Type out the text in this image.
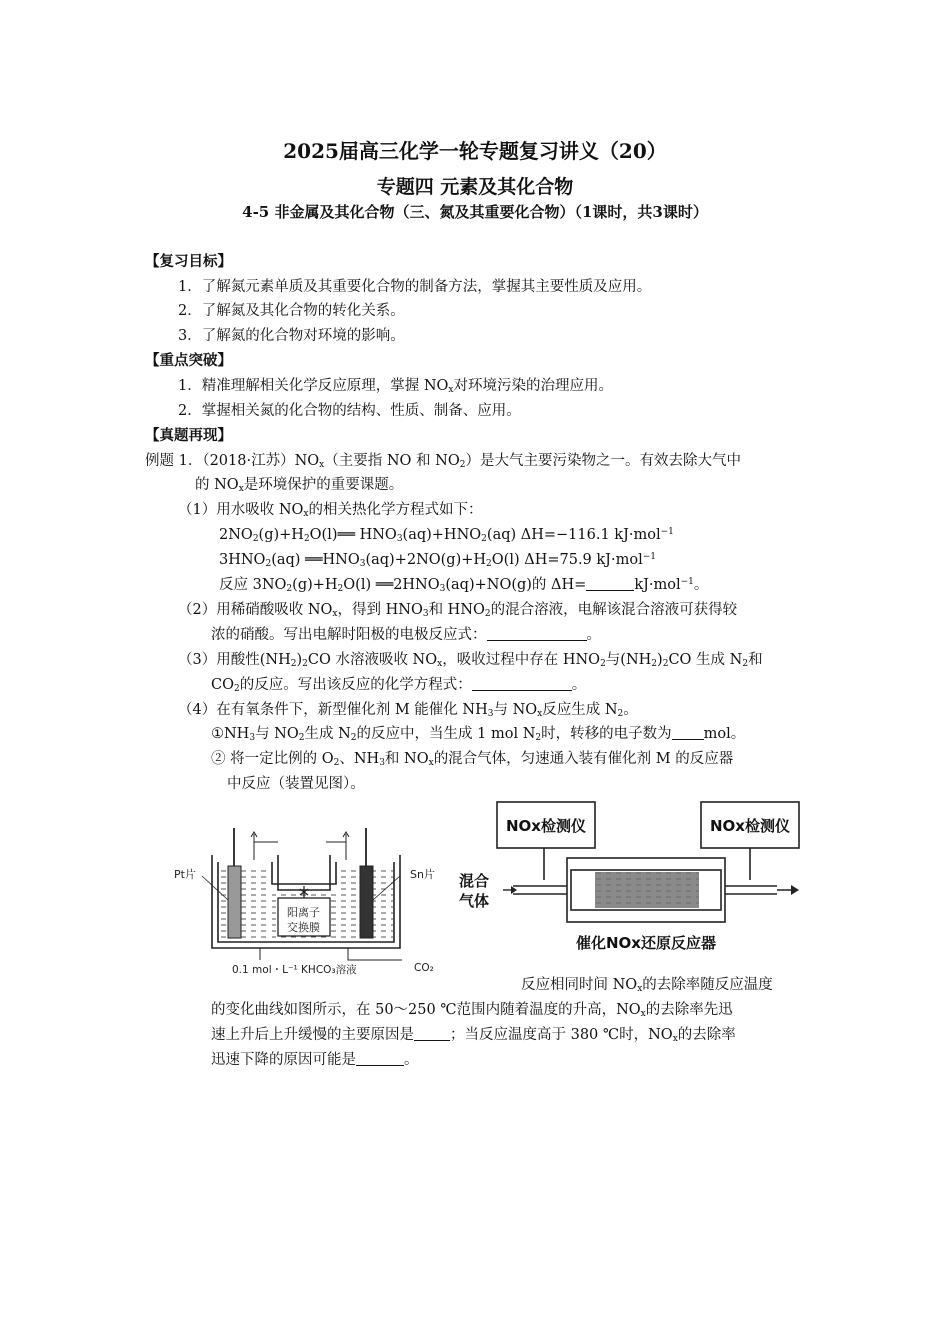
2025届高三化学一轮专题复习讲义（20）
专题四 元素及其化合物
4-5 非金属及其化合物（三、氮及其重要化合物）（1课时，共3课时）
【复习目标】
1．了解氮元素单质及其重要化合物的制备方法，掌握其主要性质及应用。
2．了解氮及其化合物的转化关系。
3．了解氮的化合物对环境的影响。
【重点突破】
1．精准理解相关化学反应原理，掌握 $NO_x$对环境污染的治理应用。
2．掌握相关氮的化合物的结构、性质、制备、应用。
【真题再现】
例题 1．（2018·江苏）$NO_x$（主要指 NO 和 $NO_2$）是大气主要污染物之一。有效去除大气中
的 $NO_x$是环境保护的重要课题。
（1）用水吸收 $NO_x$的相关热化学方程式如下：
$2NO_2(g)+H_2O(l)══$ $HNO_3(aq)+HNO_2(aq)$ ΔH=−116.1 kJ·mol$^{-1}$
$3HNO_2(aq)$ $══HNO_3(aq)+2NO(g)+H_2O(l)$ ΔH=75.9 kJ·mol$^{-1}$
反应 $3NO_2(g)+H_2O(l)$ $══2HNO_3(aq)+NO(g)$的 ΔH=	kJ·mol$^{-1}$。
（2）用稀硝酸吸收 $NO_x$，得到 $HNO_3$和 $HNO_2$的混合溶液，电解该混合溶液可获得较
浓的硝酸。写出电解时阳极的电极反应式：	。
（3）用酸性$(NH_2)_2CO$ 水溶液吸收 $NO_x$，吸收过程中存在 $HNO_2$与$(NH_2)_2CO$ 生成 $N_2$和
$CO_2$的反应。写出该反应的化学方程式：	。
（4）在有氧条件下，新型催化剂 M 能催化 $NH_3$与 $NO_x$反应生成 $N_2$。
$①NH_3$与 $NO_2$生成 $N_2$的反应中，当生成 1 mol $N_2$时，转移的电子数为 mol。
② 将一定比例的 $O_2$、$NH_3$和 $NO_x$的混合气体，匀速通入装有催化剂 M 的反应器
中反应（装置见图）。
Pt片	Sn片
阳离子
交换膜
0.1 mol・L⁻¹ KHCO₃溶液	CO₂
NOx检测仪	NOx检测仪
混合
气体
催化NOx还原反应器
反应相同时间 $NO_x$的去除率随反应温度
的变化曲线如图所示，在 50～250 ℃范围内随着温度的升高，$NO_x$的去除率先迅
速上升后上升缓慢的主要原因是 ；当反应温度高于 380 ℃时，$NO_x$的去除率
迅速下降的原因可能是	。
